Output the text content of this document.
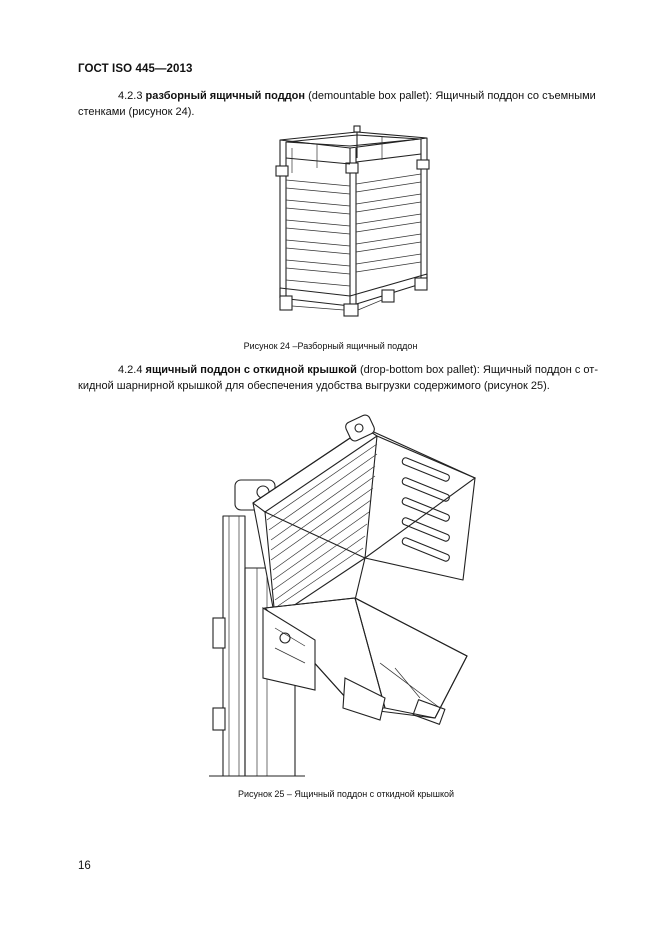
ГОСТ ISO 445—2013
4.2.3 разборный ящичный поддон (demountable box pallet): Ящичный поддон со съемными
стенками (рисунок 24).
Рисунок 24 –Разборный ящичный поддон
4.2.4 ящичный поддон с откидной крышкой (drop-bottom box pallet): Ящичный поддон с от-
кидной шарнирной крышкой для обеспечения удобства выгрузки содержимого (рисунок 25).
Рисунок 25 – Ящичный поддон с откидной крышкой
16
